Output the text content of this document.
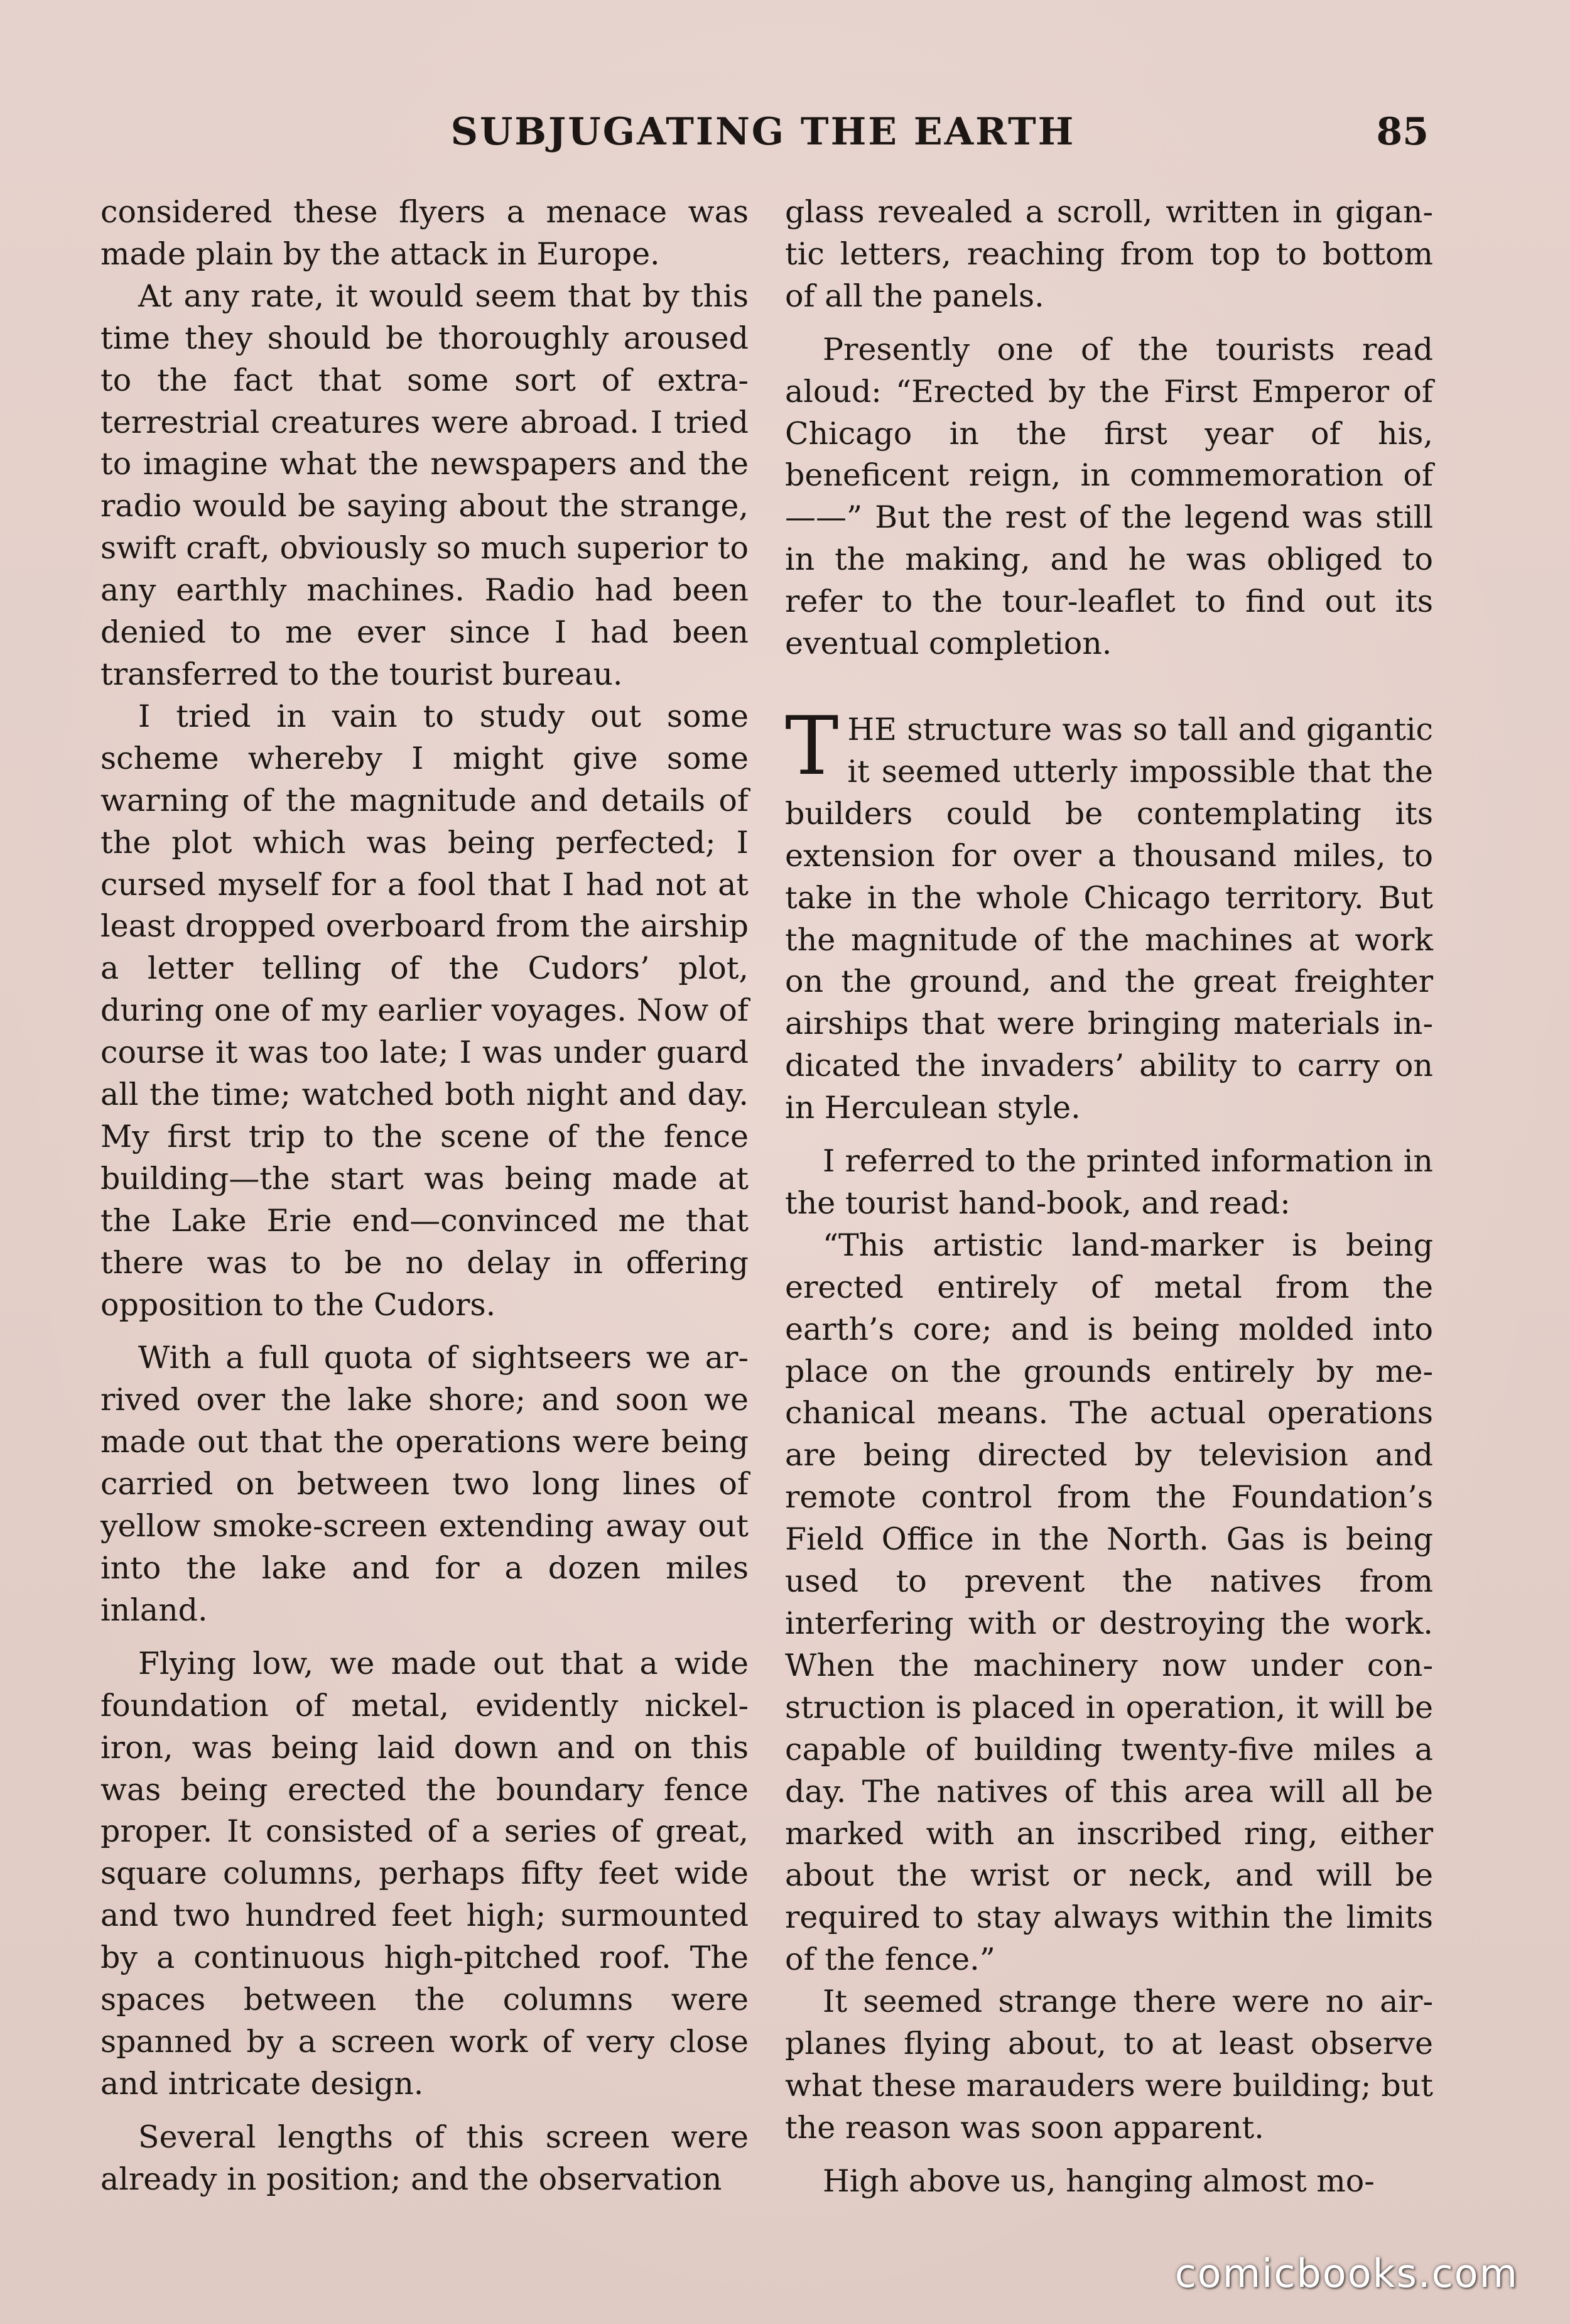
SUBJUGATING THE EARTH	85

considered these flyers a menace was made plain by the attack in Europe.

At any rate, it would seem that by this time they should be thoroughly aroused to the fact that some sort of extra-terrestrial creatures were abroad. I tried to imagine what the newspapers and the radio would be saying about the strange, swift craft, obviously so much superior to any earthly machines. Radio had been denied to me ever since I had been transferred to the tourist bureau.

I tried in vain to study out some scheme whereby I might give some warning of the magnitude and details of the plot which was being perfected; I cursed myself for a fool that I had not at least dropped overboard from the airship a letter telling of the Cudors’ plot, during one of my earlier voyages. Now of course it was too late; I was under guard all the time; watched both night and day. My first trip to the scene of the fence building—the start was being made at the Lake Erie end—convinced me that there was to be no delay in offering opposition to the Cudors.

With a full quota of sightseers we arrived over the lake shore; and soon we made out that the operations were being carried on between two long lines of yellow smoke-screen extending away out into the lake and for a dozen miles inland.

Flying low, we made out that a wide foundation of metal, evidently nickel-iron, was being laid down and on this was being erected the boundary fence proper. It consisted of a series of great, square columns, perhaps fifty feet wide and two hundred feet high; surmounted by a continuous high-pitched roof. The spaces between the columns were spanned by a screen work of very close and intricate design.

Several lengths of this screen were already in position; and the observation

glass revealed a scroll, written in gigantic letters, reaching from top to bottom of all the panels.

Presently one of the tourists read aloud: “Erected by the First Emperor of Chicago in the first year of his, beneficent reign, in commemoration of——” But the rest of the legend was still in the making, and he was obliged to refer to the tour-leaflet to find out its eventual completion.

THE structure was so tall and gigantic it seemed utterly impossible that the builders could be contemplating its extension for over a thousand miles, to take in the whole Chicago territory. But the magnitude of the machines at work on the ground, and the great freighter airships that were bringing materials indicated the invaders’ ability to carry on in Herculean style.

I referred to the printed information in the tourist hand-book, and read:

“This artistic land-marker is being erected entirely of metal from the earth’s core; and is being molded into place on the grounds entirely by mechanical means. The actual operations are being directed by television and remote control from the Foundation’s Field Office in the North. Gas is being used to prevent the natives from interfering with or destroying the work. When the machinery now under construction is placed in operation, it will be capable of building twenty-five miles a day. The natives of this area will all be marked with an inscribed ring, either about the wrist or neck, and will be required to stay always within the limits of the fence.”

It seemed strange there were no airplanes flying about, to at least observe what these marauders were building; but the reason was soon apparent.

High above us, hanging almost mo-

comicbooks.com
